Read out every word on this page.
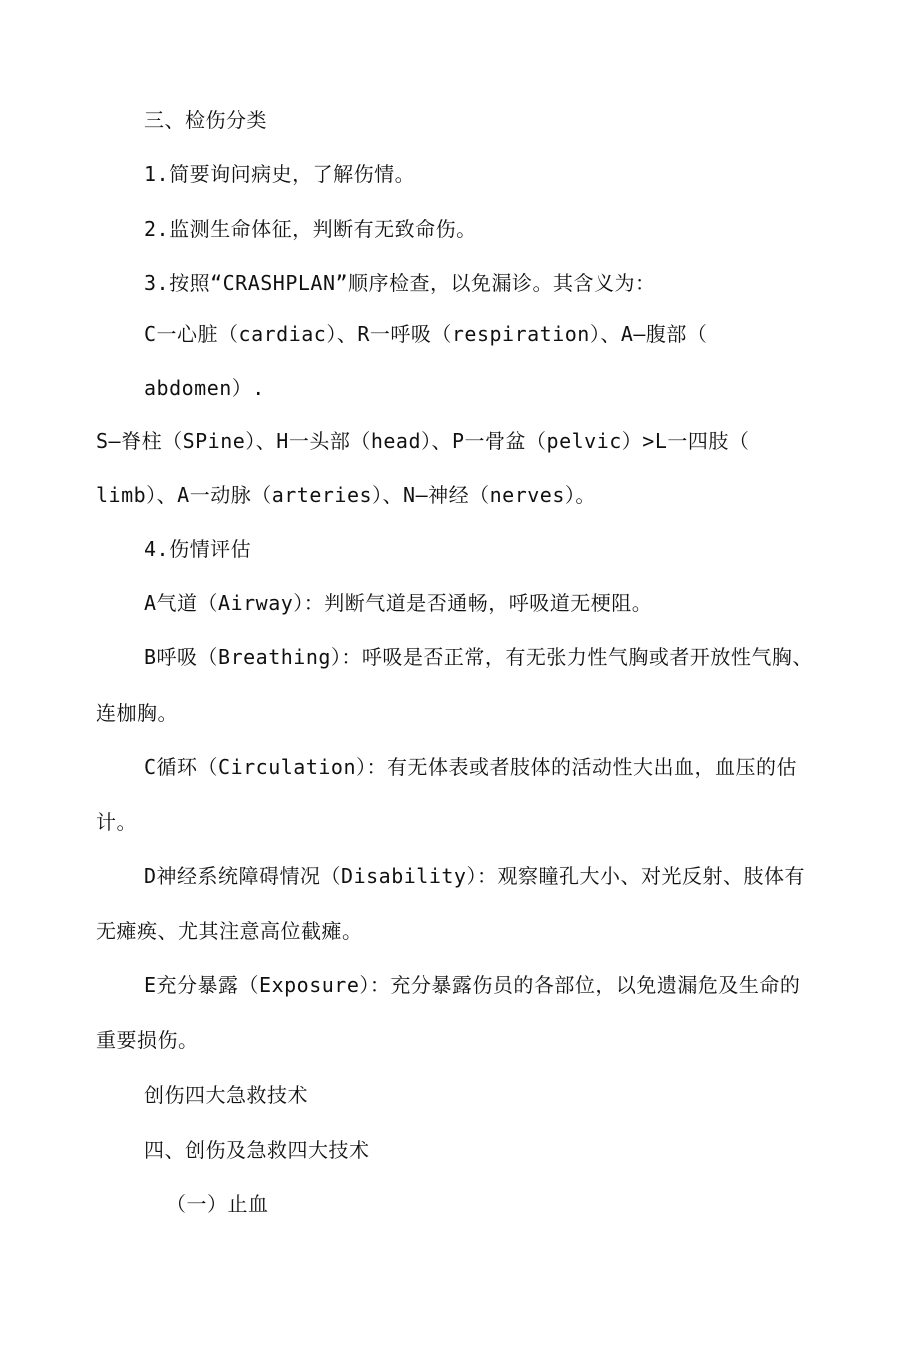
三、检伤分类
1.简要询问病史，了解伤情。
2.监测生命体征，判断有无致命伤。
3.按照“CRASHPLAN”顺序检查，以免漏诊。其含义为：
C一心脏（cardiac）、R一呼吸（respiration）、A—腹部（
abdomen）.
S—脊柱（SPine）、H一头部（head）、P一骨盆（pelvic）>L一四肢（
limb）、A一动脉（arteries）、N—神经（nerves）。
4.伤情评估
A气道（Airway）：判断气道是否通畅，呼吸道无梗阻。
B呼吸（Breathing）：呼吸是否正常，有无张力性气胸或者开放性气胸、
连枷胸。
C循环（Circulation）：有无体表或者肢体的活动性大出血，血压的估
计。
D神经系统障碍情况（Disability）：观察瞳孔大小、对光反射、肢体有
无瘫痪、尤其注意高位截瘫。
E充分暴露（Exposure）：充分暴露伤员的各部位，以免遗漏危及生命的
重要损伤。
创伤四大急救技术
四、创伤及急救四大技术
（一）止血
